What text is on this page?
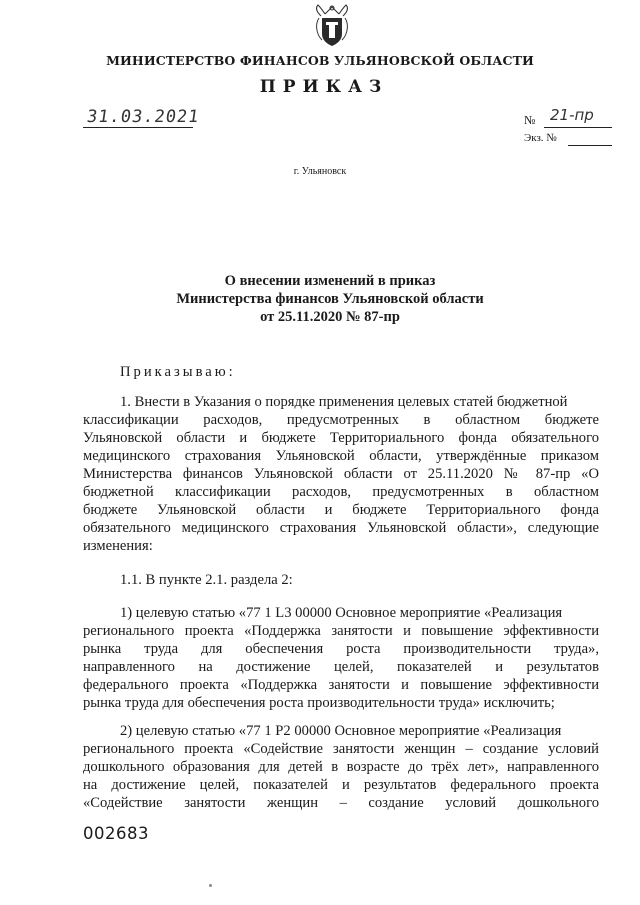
МИНИСТЕРСТВО ФИНАНСОВ УЛЬЯНОВСКОЙ ОБЛАСТИ
ПРИКАЗ
31.03.2021	№ 21-пр
Экз. №
г. Ульяновск
О внесении изменений в приказ
Министерства финансов Ульяновской области
от 25.11.2020 № 87-пр
Приказываю:
1. Внести в Указания о порядке применения целевых статей бюджетной
классификации расходов, предусмотренных в областном бюджете
Ульяновской области и бюджете Территориального фонда обязательного
медицинского страхования Ульяновской области, утверждённые приказом
Министерства финансов Ульяновской области от 25.11.2020 № 87-пр «О
бюджетной классификации расходов, предусмотренных в областном
бюджете Ульяновской области и бюджете Территориального фонда
обязательного медицинского страхования Ульяновской области», следующие
изменения:
1.1. В пункте 2.1. раздела 2:
1) целевую статью «77 1 L3 00000 Основное мероприятие «Реализация
регионального проекта «Поддержка занятости и повышение эффективности
рынка труда для обеспечения роста производительности труда»,
направленного на достижение целей, показателей и результатов
федерального проекта «Поддержка занятости и повышение эффективности
рынка труда для обеспечения роста производительности труда» исключить;
2) целевую статью «77 1 P2 00000 Основное мероприятие «Реализация
регионального проекта «Содействие занятости женщин – создание условий
дошкольного образования для детей в возрасте до трёх лет», направленного
на достижение целей, показателей и результатов федерального проекта
«Содействие занятости женщин – создание условий дошкольного
002683
